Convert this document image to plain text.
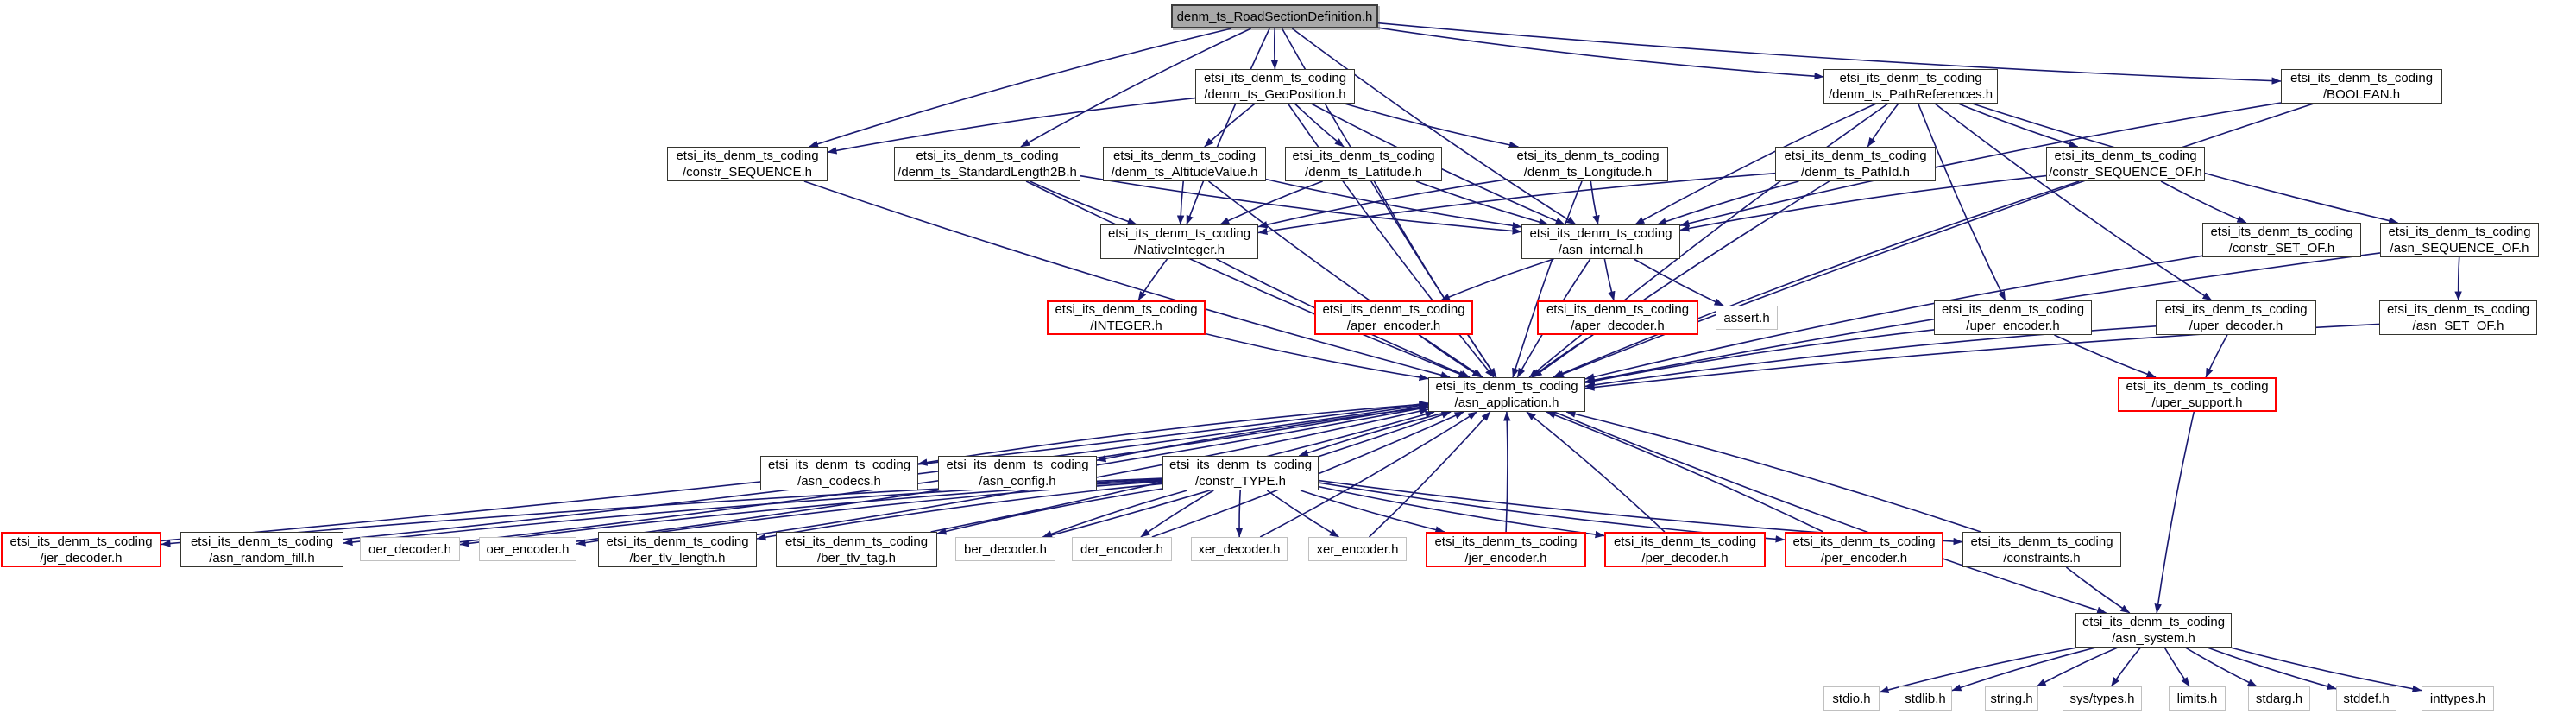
denm_ts_RoadSectionDefinition.h
etsi_its_denm_ts_coding
/denm_ts_GeoPosition.h
etsi_its_denm_ts_coding
/denm_ts_PathReferences.h
etsi_its_denm_ts_coding
/BOOLEAN.h
etsi_its_denm_ts_coding
/constr_SEQUENCE.h
etsi_its_denm_ts_coding
/denm_ts_StandardLength2B.h
etsi_its_denm_ts_coding
/denm_ts_AltitudeValue.h
etsi_its_denm_ts_coding
/denm_ts_Latitude.h
etsi_its_denm_ts_coding
/denm_ts_Longitude.h
etsi_its_denm_ts_coding
/denm_ts_PathId.h
etsi_its_denm_ts_coding
/constr_SEQUENCE_OF.h
etsi_its_denm_ts_coding
/NativeInteger.h
etsi_its_denm_ts_coding
/asn_internal.h
etsi_its_denm_ts_coding
/constr_SET_OF.h
etsi_its_denm_ts_coding
/asn_SEQUENCE_OF.h
etsi_its_denm_ts_coding
/INTEGER.h
etsi_its_denm_ts_coding
/aper_encoder.h
etsi_its_denm_ts_coding
/aper_decoder.h
assert.h
etsi_its_denm_ts_coding
/uper_encoder.h
etsi_its_denm_ts_coding
/uper_decoder.h
etsi_its_denm_ts_coding
/asn_SET_OF.h
etsi_its_denm_ts_coding
/uper_support.h
etsi_its_denm_ts_coding
/asn_application.h
etsi_its_denm_ts_coding
/asn_codecs.h
etsi_its_denm_ts_coding
/asn_config.h
etsi_its_denm_ts_coding
/constr_TYPE.h
etsi_its_denm_ts_coding
/jer_decoder.h
etsi_its_denm_ts_coding
/asn_random_fill.h
oer_decoder.h	oer_encoder.h
etsi_its_denm_ts_coding
/ber_tlv_length.h
etsi_its_denm_ts_coding
/ber_tlv_tag.h
ber_decoder.h	der_encoder.h	xer_decoder.h	xer_encoder.h
etsi_its_denm_ts_coding
/jer_encoder.h
etsi_its_denm_ts_coding
/per_decoder.h
etsi_its_denm_ts_coding
/per_encoder.h
etsi_its_denm_ts_coding
/constraints.h
etsi_its_denm_ts_coding
/asn_system.h
stdio.h	stdlib.h	string.h	sys/types.h	limits.h	stdarg.h	stddef.h	inttypes.h
